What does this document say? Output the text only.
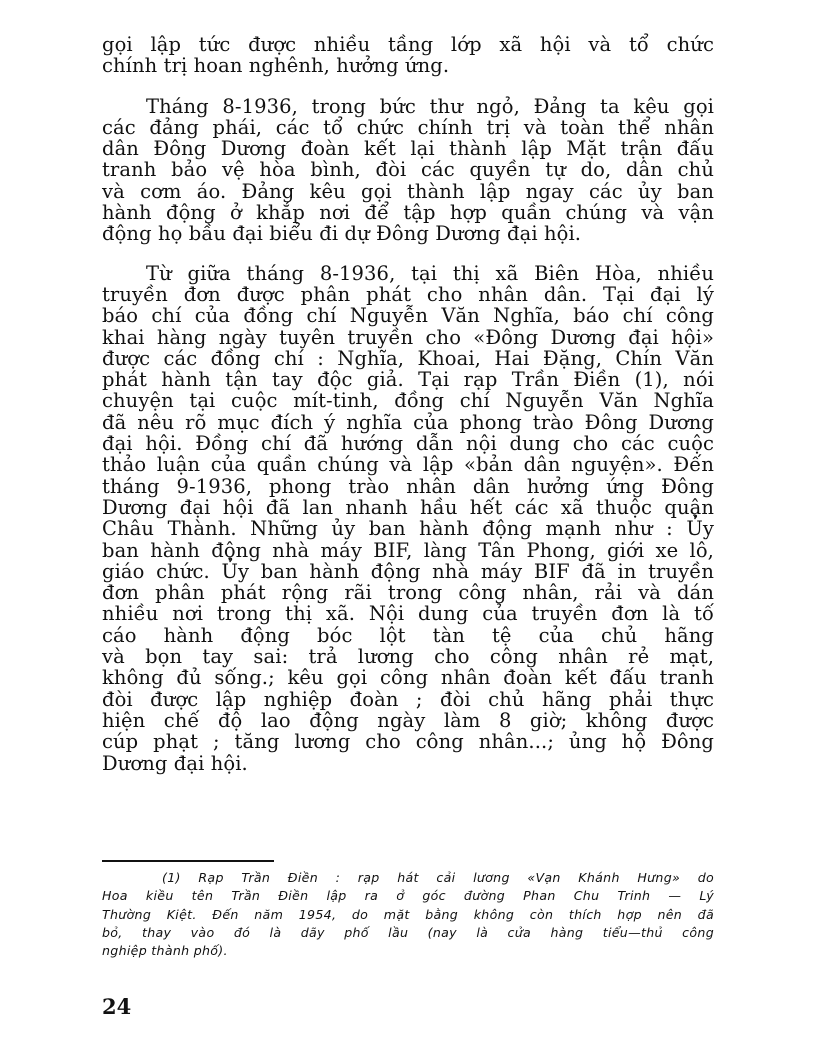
gọi lập tức được nhiều tầng lớp xã hội và tổ chức
chính trị hoan nghênh, hưởng ứng.
Tháng 8-1936, trong bức thư ngỏ, Đảng ta kêu gọi
các đảng phái, các tổ chức chính trị và toàn thể nhân
dân Đông Dương đoàn kết lại thành lập Mặt trận đấu
tranh bảo vệ hòa bình, đòi các quyền tự do, dân chủ
và cơm áo. Đảng kêu gọi thành lập ngay các ủy ban
hành động ở khắp nơi để tập hợp quần chúng và vận
động họ bầu đại biểu đi dự Đông Dương đại hội.
Từ giữa tháng 8-1936, tại thị xã Biên Hòa, nhiều
truyền đơn được phân phát cho nhân dân. Tại đại lý
báo chí của đồng chí Nguyễn Văn Nghĩa, báo chí công
khai hàng ngày tuyên truyền cho «Đông Dương đại hội»
được các đồng chí : Nghĩa, Khoai, Hai Đặng, Chín Văn
phát hành tận tay độc giả. Tại rạp Trần Điền (1), nói
chuyện tại cuộc mít-tinh, đồng chí Nguyễn Văn Nghĩa
đã nêu rõ mục đích ý nghĩa của phong trào Đông Dương
đại hội. Đồng chí đã hướng dẫn nội dung cho các cuộc
thảo luận của quần chúng và lập «bản dân nguyện». Đến
tháng 9-1936, phong trào nhân dân hưởng ứng Đông
Dương đại hội đã lan nhanh hầu hết các xã thuộc quận
Châu Thành. Những ủy ban hành động mạnh như : Ủy
ban hành động nhà máy BIF, làng Tân Phong, giới xe lô,
giáo chức. Ủy ban hành động nhà máy BIF đã in truyền
đơn phân phát rộng rãi trong công nhân, rải và dán
nhiều nơi trong thị xã. Nội dung của truyền đơn là tố
cáo hành động bóc lột tàn tệ của chủ hãng
và bọn tay sai: trả lương cho công nhân rẻ mạt,
không đủ sống.; kêu gọi công nhân đoàn kết đấu tranh
đòi được lập nghiệp đoàn ; đòi chủ hãng phải thực
hiện chế độ lao động ngày làm 8 giờ; không được
cúp phạt ; tăng lương cho công nhân...; ủng hộ Đông
Dương đại hội.
(1) Rạp Trần Điền : rạp hát cải lương «Vạn Khánh Hưng» do
Hoa kiều tên Trần Điền lập ra ở góc đường Phan Chu Trinh — Lý
Thường Kiệt. Đến năm 1954, do mặt bằng không còn thích hợp nên đã
bỏ, thay vào đó là dãy phố lầu (nay là cửa hàng tiểu—thủ công
nghiệp thành phố).
24
